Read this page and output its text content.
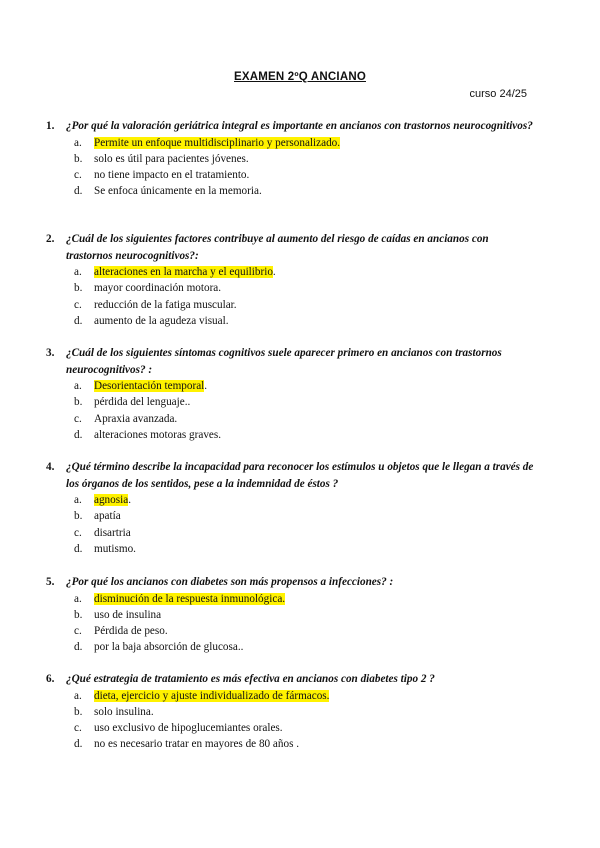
EXAMEN 2ºQ ANCIANO
curso 24/25
1.	¿Por qué la valoración geriátrica integral es importante en ancianos con trastornos neurocognitivos?
a.	Permite un enfoque multidisciplinario y personalizado.
b.	solo es útil para pacientes jóvenes.
c.	no tiene impacto en el tratamiento.
d.	Se enfoca únicamente en la memoria.
2.	¿Cuál de los siguientes factores contribuye al aumento del riesgo de caídas en ancianos con trastornos neurocognitivos?:
a.	alteraciones en la marcha y el equilibrio.
b.	mayor coordinación motora.
c.	reducción de la fatiga muscular.
d.	aumento de la agudeza visual.
3.	¿Cuál de los siguientes síntomas cognitivos suele aparecer primero en ancianos con trastornos neurocognitivos? :
a.	Desorientación temporal.
b.	pérdida del lenguaje..
c.	Apraxia avanzada.
d.	alteraciones motoras graves.
4.	¿Qué término describe la incapacidad para reconocer los estímulos u objetos que le llegan a través de los órganos de los sentidos, pese a la indemnidad de éstos ?
a.	agnosia.
b.	apatía
c.	disartria
d.	mutismo.
5.	¿Por qué los ancianos con diabetes son más propensos a infecciones? :
a.	disminución de la respuesta inmunológica.
b.	uso de insulina
c.	Pérdida de peso.
d.	por la baja absorción de glucosa..
6.	¿Qué estrategia de tratamiento es más efectiva en ancianos con diabetes tipo 2 ?
a.	dieta, ejercicio y ajuste individualizado de fármacos.
b.	solo insulina.
c.	uso exclusivo de hipoglucemiantes orales.
d.	no es necesario tratar en mayores de 80 años .
